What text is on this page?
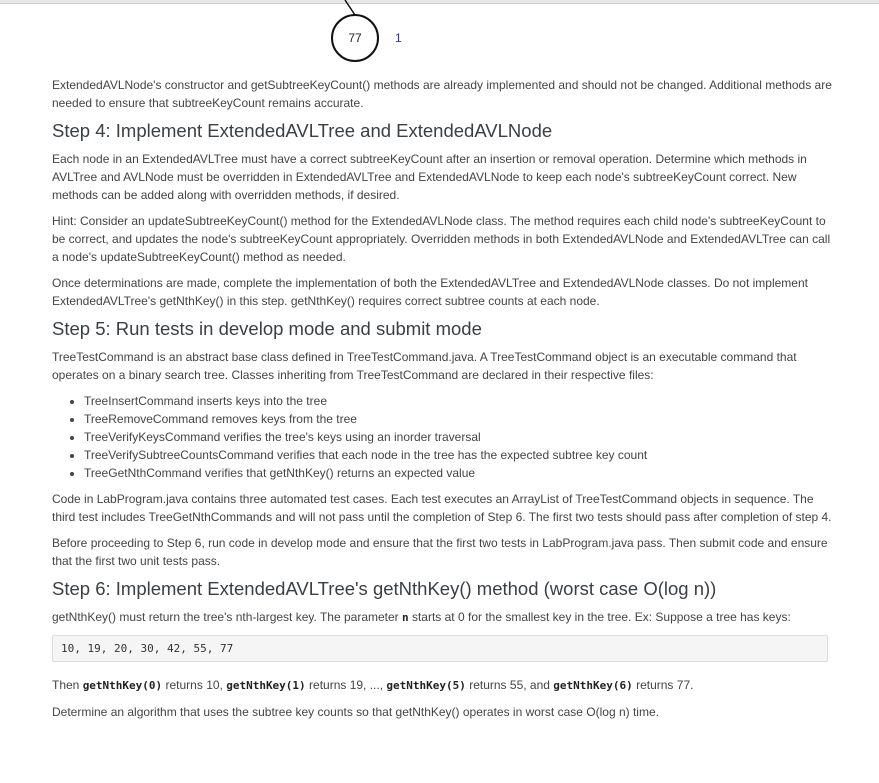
77	1

ExtendedAVLNode's constructor and getSubtreeKeyCount() methods are already implemented and should not be changed. Additional methods are needed to ensure that subtreeKeyCount remains accurate.

Step 4: Implement ExtendedAVLTree and ExtendedAVLNode

Each node in an ExtendedAVLTree must have a correct subtreeKeyCount after an insertion or removal operation. Determine which methods in AVLTree and AVLNode must be overridden in ExtendedAVLTree and ExtendedAVLNode to keep each node's subtreeKeyCount correct. New methods can be added along with overridden methods, if desired.

Hint: Consider an updateSubtreeKeyCount() method for the ExtendedAVLNode class. The method requires each child node's subtreeKeyCount to be correct, and updates the node's subtreeKeyCount appropriately. Overridden methods in both ExtendedAVLNode and ExtendedAVLTree can call a node's updateSubtreeKeyCount() method as needed.

Once determinations are made, complete the implementation of both the ExtendedAVLTree and ExtendedAVLNode classes. Do not implement ExtendedAVLTree's getNthKey() in this step. getNthKey() requires correct subtree counts at each node.

Step 5: Run tests in develop mode and submit mode

TreeTestCommand is an abstract base class defined in TreeTestCommand.java. A TreeTestCommand object is an executable command that operates on a binary search tree. Classes inheriting from TreeTestCommand are declared in their respective files:

• TreeInsertCommand inserts keys into the tree
• TreeRemoveCommand removes keys from the tree
• TreeVerifyKeysCommand verifies the tree's keys using an inorder traversal
• TreeVerifySubtreeCountsCommand verifies that each node in the tree has the expected subtree key count
• TreeGetNthCommand verifies that getNthKey() returns an expected value

Code in LabProgram.java contains three automated test cases. Each test executes an ArrayList of TreeTestCommand objects in sequence. The third test includes TreeGetNthCommands and will not pass until the completion of Step 6. The first two tests should pass after completion of step 4.

Before proceeding to Step 6, run code in develop mode and ensure that the first two tests in LabProgram.java pass. Then submit code and ensure that the first two unit tests pass.

Step 6: Implement ExtendedAVLTree's getNthKey() method (worst case O(log n))

getNthKey() must return the tree's nth-largest key. The parameter n starts at 0 for the smallest key in the tree. Ex: Suppose a tree has keys:

10, 19, 20, 30, 42, 55, 77

Then getNthKey(0) returns 10, getNthKey(1) returns 19, ..., getNthKey(5) returns 55, and getNthKey(6) returns 77.

Determine an algorithm that uses the subtree key counts so that getNthKey() operates in worst case O(log n) time.
